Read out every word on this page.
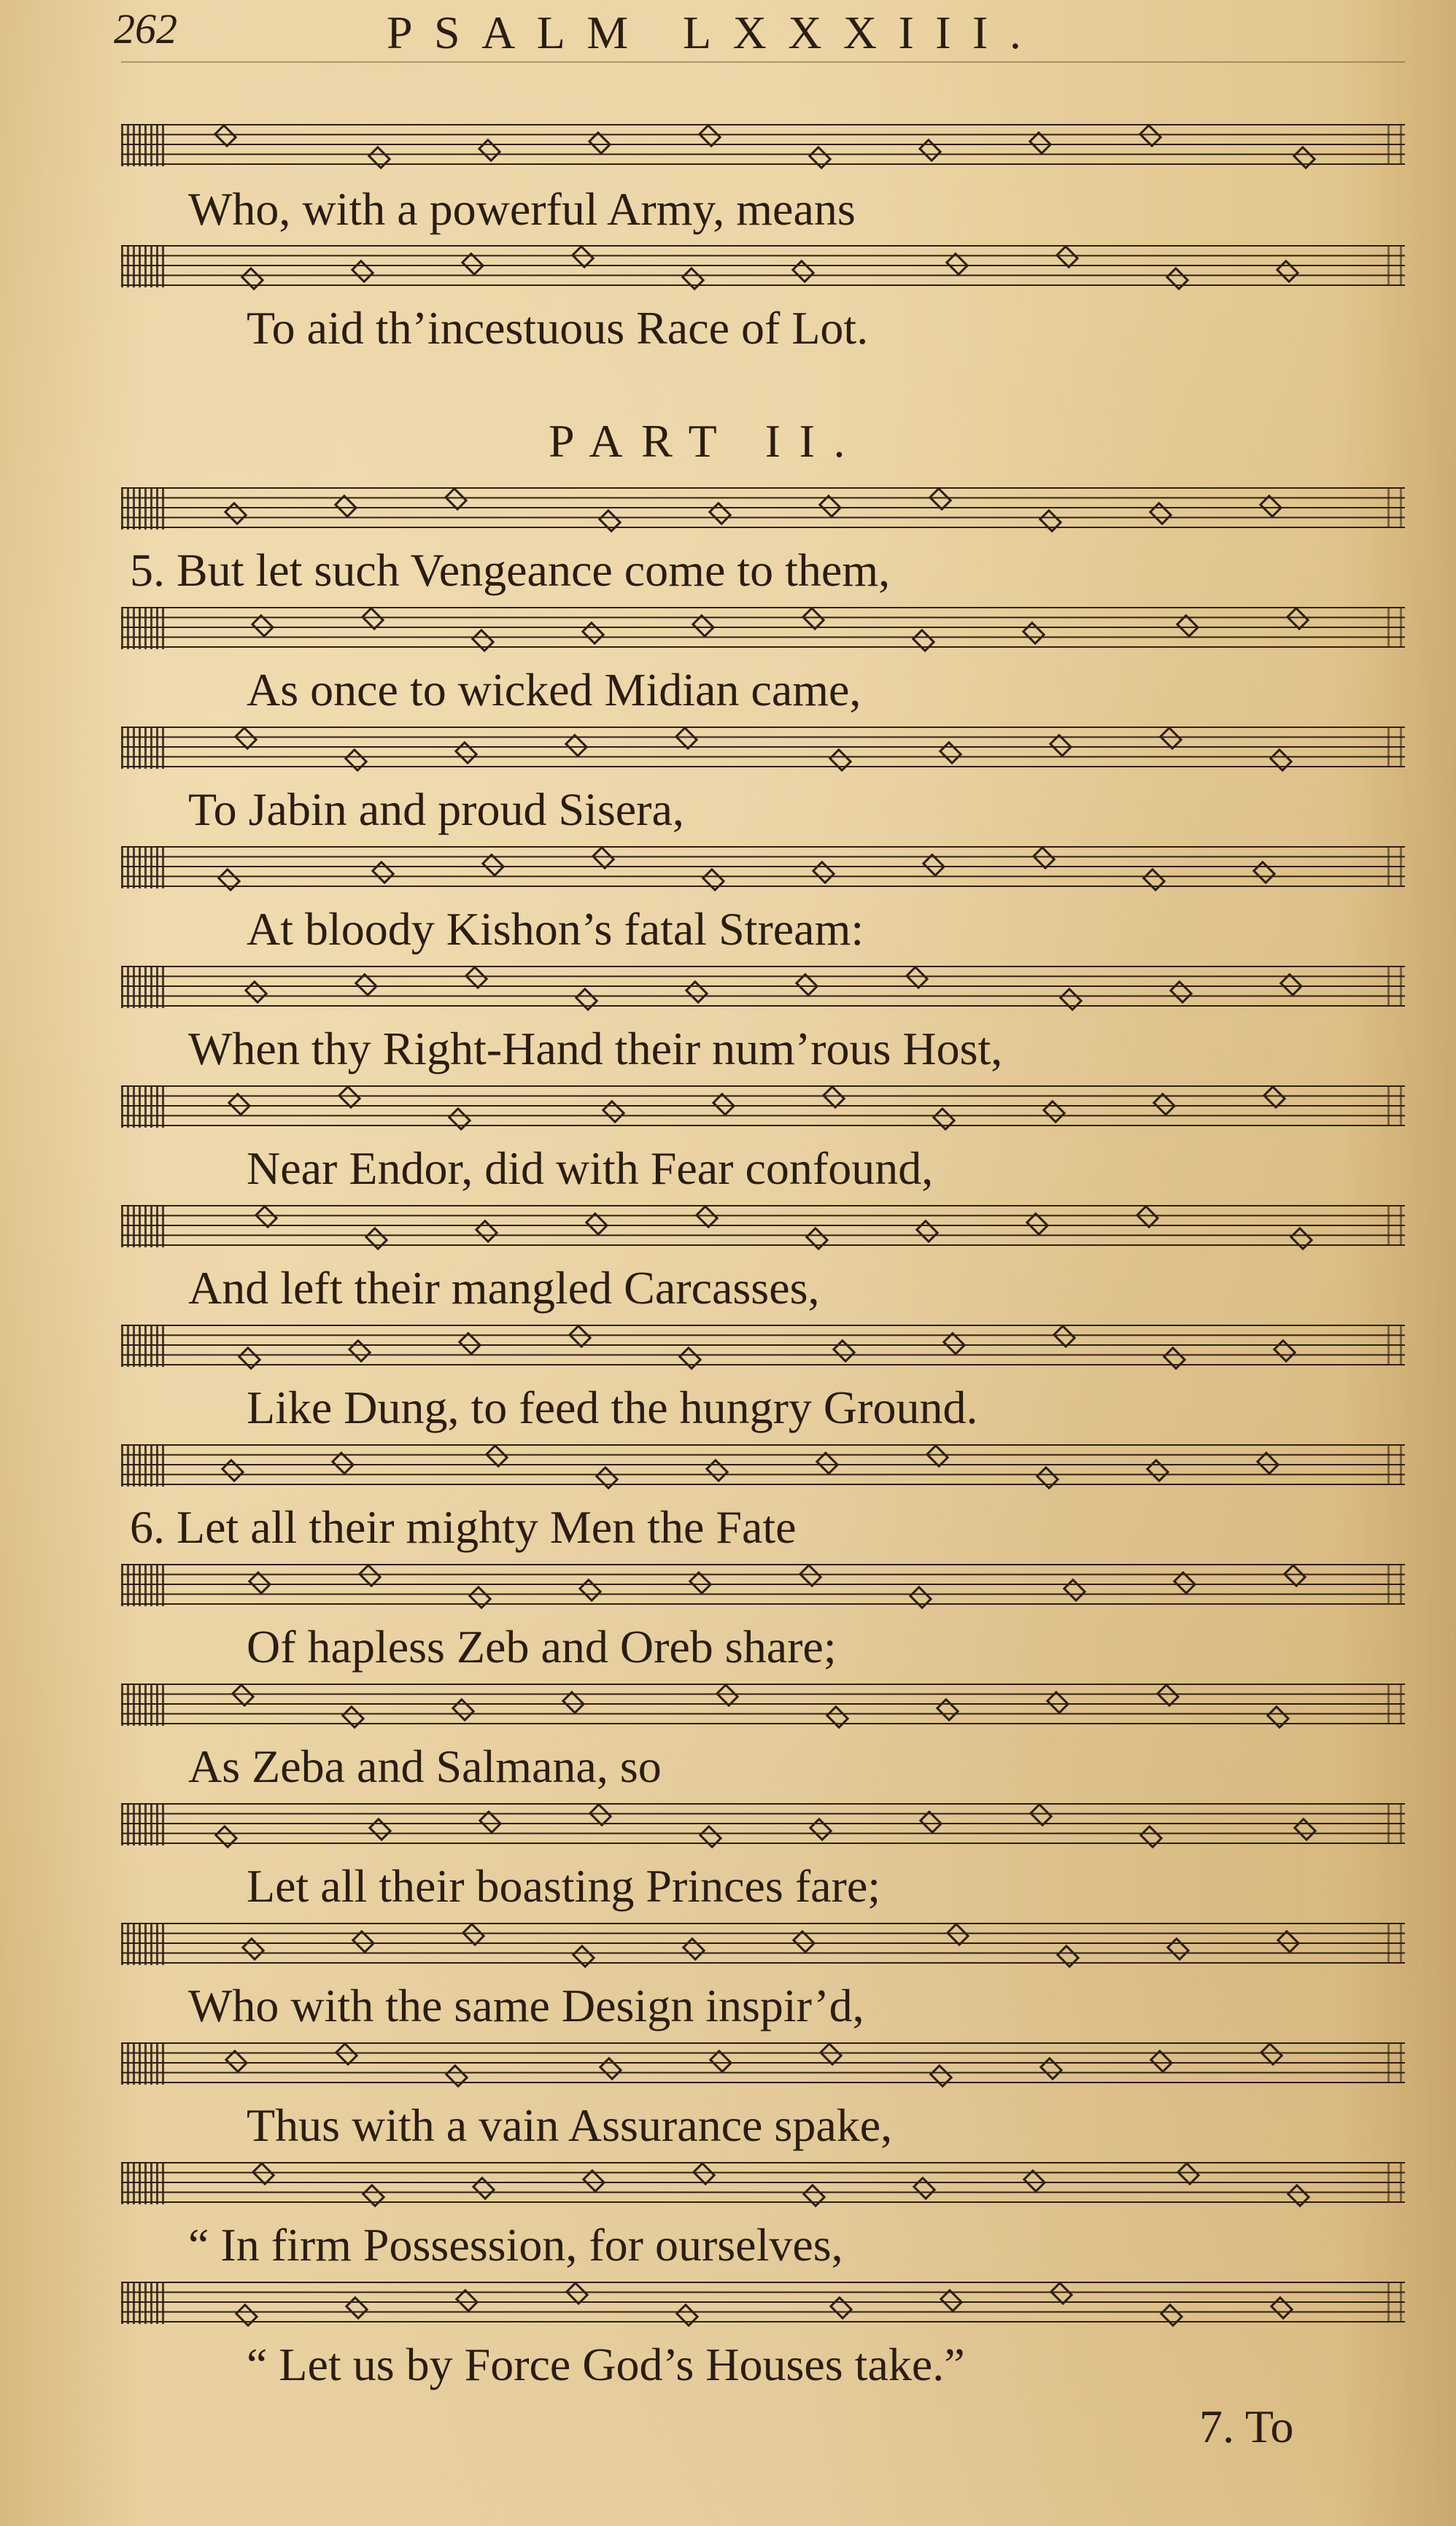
262	PSALM LXXXIII.
Who, with a powerful Army, means
To aid th’incestuous Race of Lot.
PART II.
5. But let such Vengeance come to them,
As once to wicked Midian came,
To Jabin and proud Sisera,
At bloody Kishon’s fatal Stream:
When thy Right-Hand their num’rous Host,
Near Endor, did with Fear confound,
And left their mangled Carcasses,
Like Dung, to feed the hungry Ground.
6. Let all their mighty Men the Fate
Of hapless Zeb and Oreb share;
As Zeba and Salmana, so
Let all their boasting Princes fare;
Who with the same Design inspir’d,
Thus with a vain Assurance spake,
“ In firm Possession, for ourselves,
“ Let us by Force God’s Houses take.”
7. To
